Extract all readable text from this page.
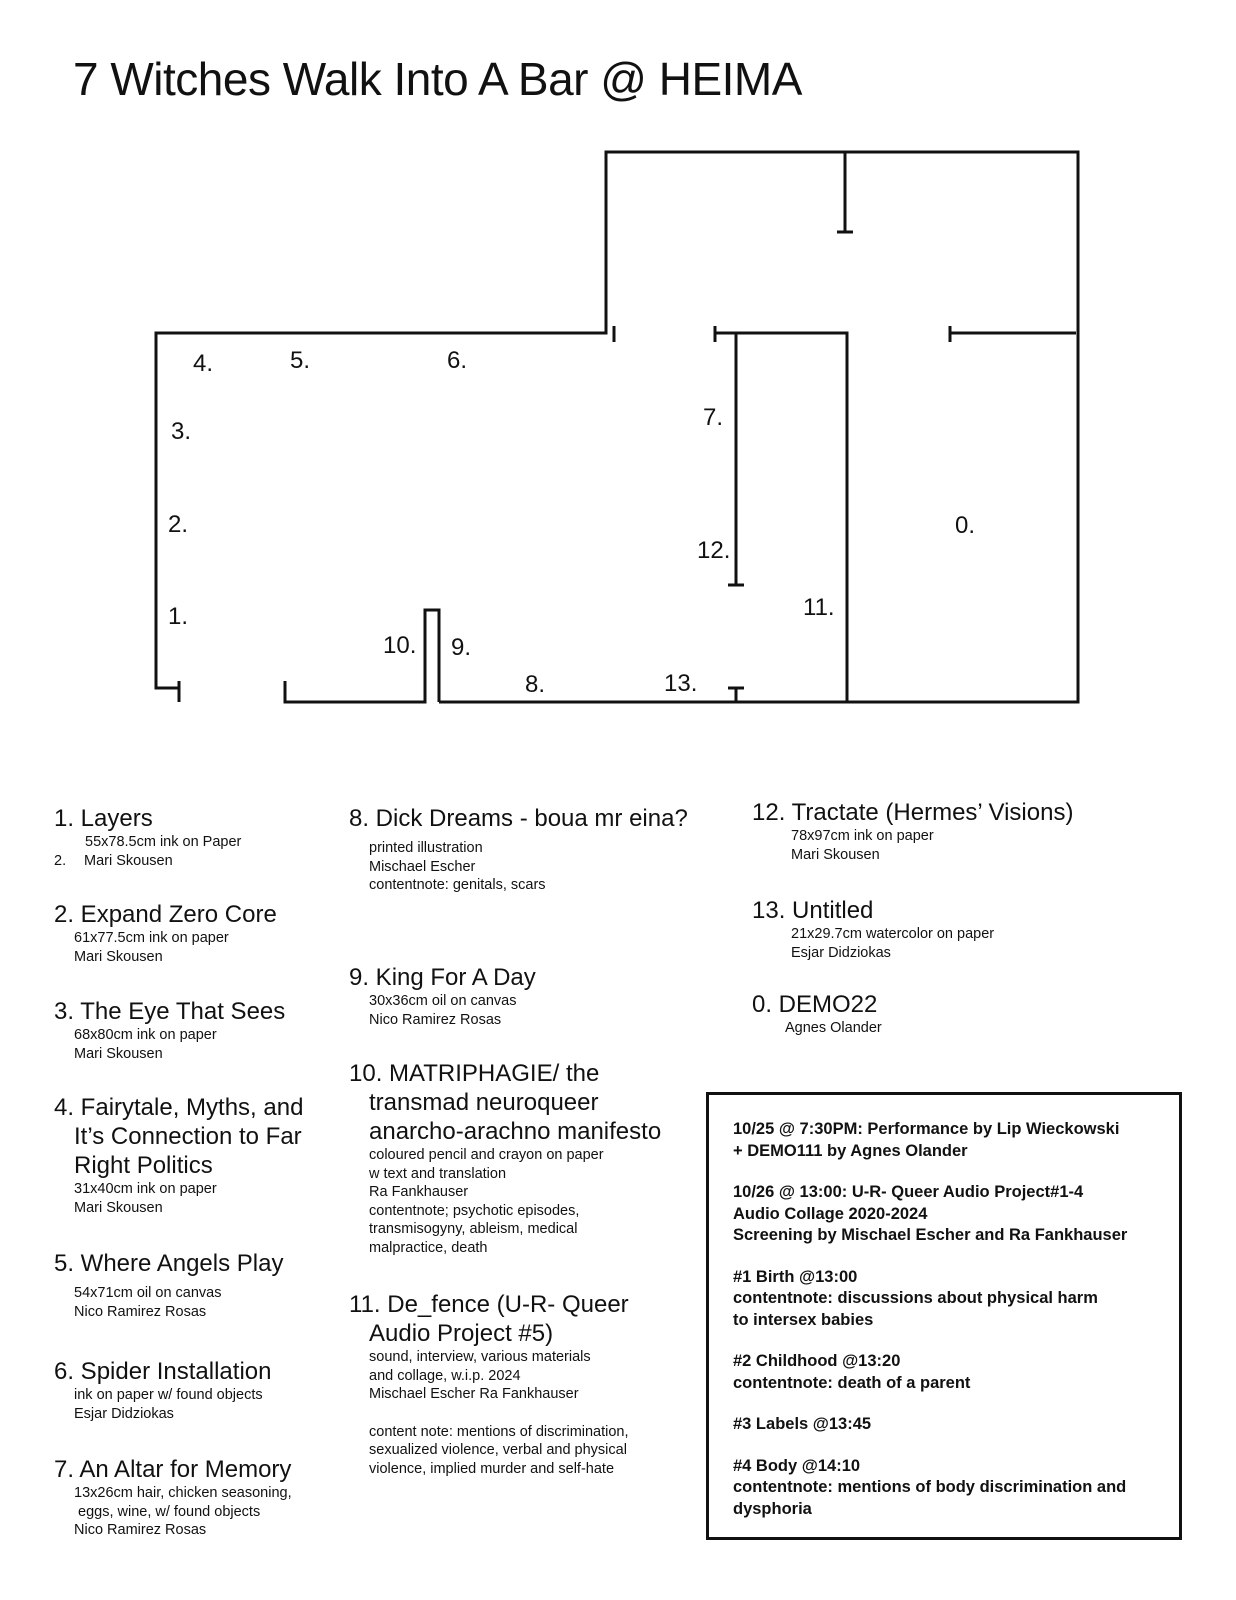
7 Witches Walk Into A Bar @ HEIMA
4.	5.	6.
3.
2.
1.
7.
12.
0.
11.
10. 9.
8.	13.
1. Layers
55x78.5cm ink on Paper
2. Mari Skousen
2. Expand Zero Core
61x77.5cm ink on paper
Mari Skousen
3. The Eye That Sees
68x80cm ink on paper
Mari Skousen
4. Fairytale, Myths, and
It’s Connection to Far
Right Politics
31x40cm ink on paper
Mari Skousen
5. Where Angels Play
54x71cm oil on canvas
Nico Ramirez Rosas
6. Spider Installation
ink on paper w/ found objects
Esjar Didziokas
7. An Altar for Memory
13x26cm hair, chicken seasoning,
eggs, wine, w/ found objects
Nico Ramirez Rosas
8. Dick Dreams - boua mr eina?
printed illustration
Mischael Escher
contentnote: genitals, scars
9. King For A Day
30x36cm oil on canvas
Nico Ramirez Rosas
10. MATRIPHAGIE/ the
transmad neuroqueer
anarcho-arachno manifesto
coloured pencil and crayon on paper
w text and translation
Ra Fankhauser
contentnote; psychotic episodes,
transmisogyny, ableism, medical
malpractice, death
11. De_fence (U-R- Queer
Audio Project #5)
sound, interview, various materials
and collage, w.i.p. 2024
Mischael Escher Ra Fankhauser
content note: mentions of discrimination,
sexualized violence, verbal and physical
violence, implied murder and self-hate
12. Tractate (Hermes’ Visions)
78x97cm ink on paper
Mari Skousen
13. Untitled
21x29.7cm watercolor on paper
Esjar Didziokas
0. DEMO22
Agnes Olander

10/25 @ 7:30PM: Performance by Lip Wieckowski
+ DEMO111 by Agnes Olander

10/26 @ 13:00: U-R- Queer Audio Project#1-4
Audio Collage 2020-2024
Screening by Mischael Escher and Ra Fankhauser

#1 Birth @13:00
contentnote: discussions about physical harm
to intersex babies

#2 Childhood @13:20
contentnote: death of a parent

#3 Labels @13:45

#4 Body @14:10
contentnote: mentions of body discrimination and
dysphoria
